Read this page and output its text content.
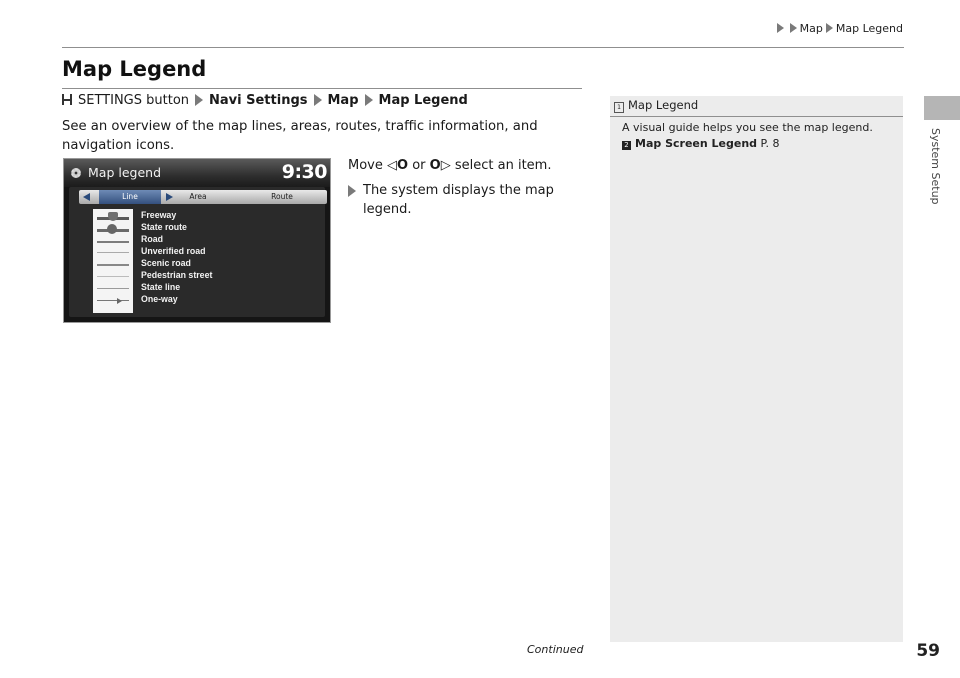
Map Map Legend
Map Legend
SETTINGS button Navi Settings Map Map Legend
See an overview of the map lines, areas, routes, traffic information, and navigation icons.
Map legend	9:30
Line	Area	Route
Freeway
State route
Road
Unverified road
Scenic road
Pedestrian street
State line
One-way
Move ◁O or O▷ select an item.
The system displays the map legend.
1 Map Legend
A visual guide helps you see the map legend.
2 Map Screen Legend P. 8	System Setup
Continued	59
